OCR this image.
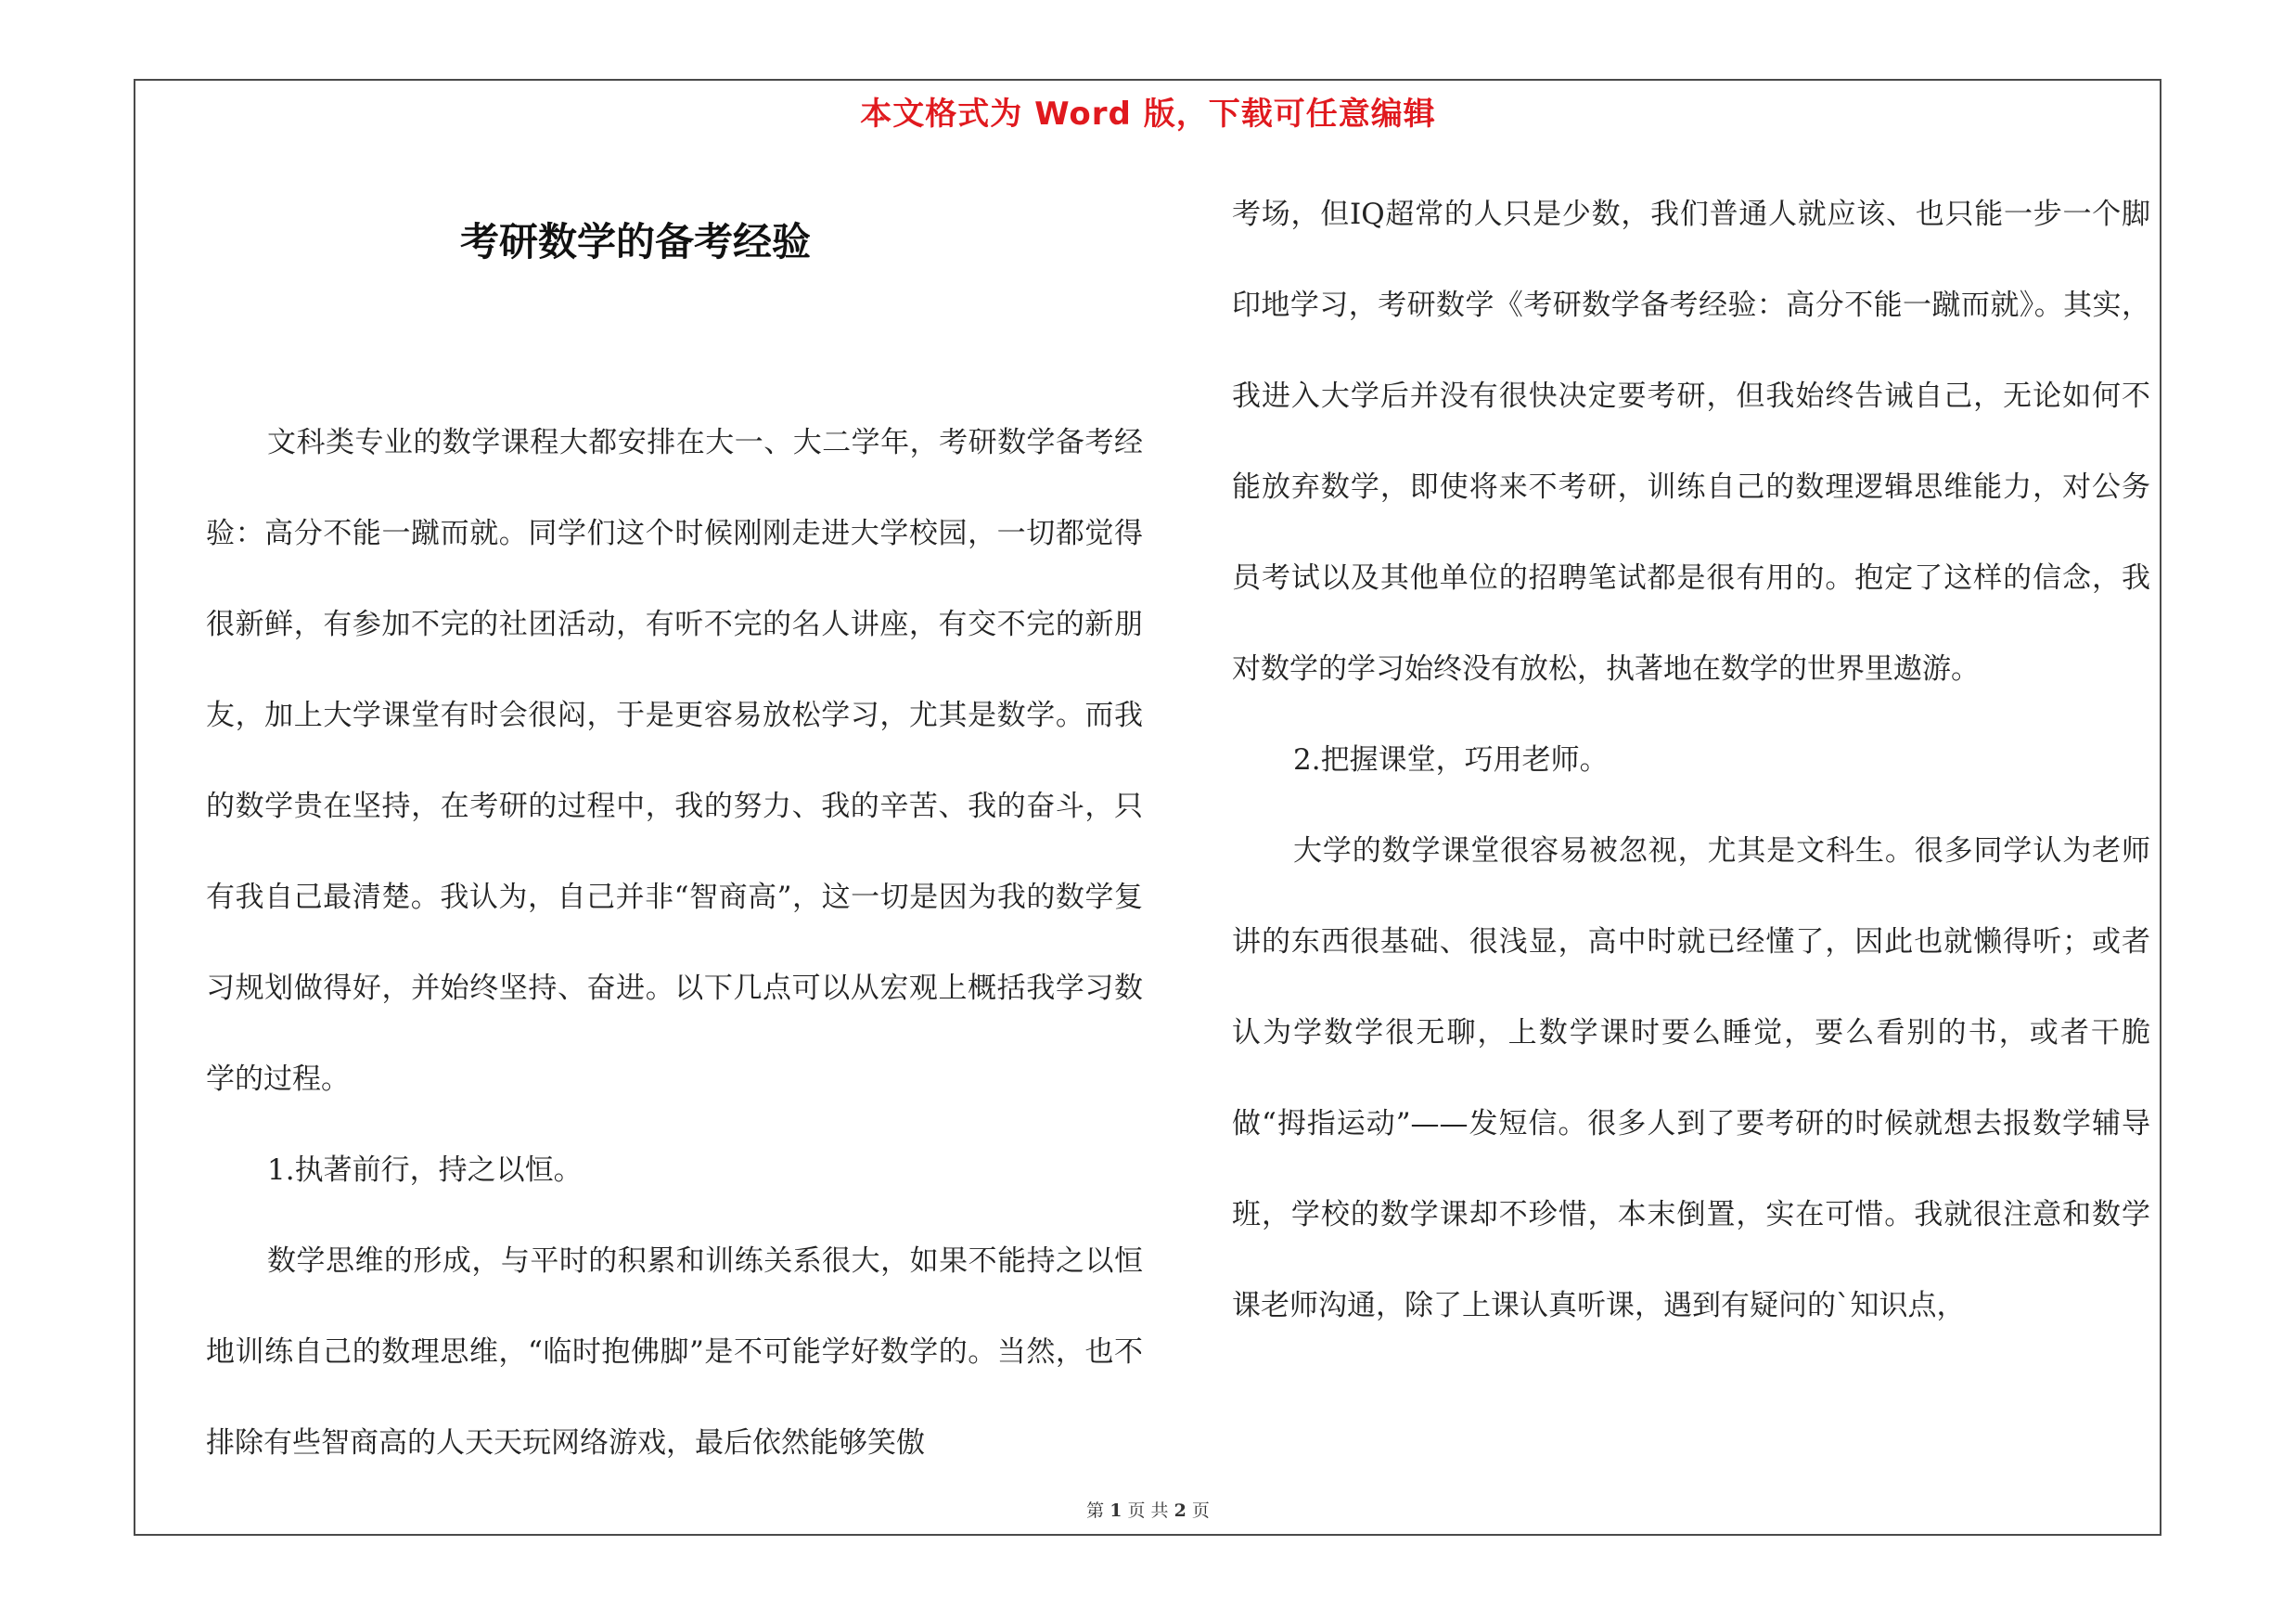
本文格式为 Word 版，下载可任意编辑
考研数学的备考经验

文科类专业的数学课程大都安排在大一、大二学年，考研数学备考经验：高分不能一蹴而就。同学们这个时候刚刚走进大学校园，一切都觉得很新鲜，有参加不完的社团活动，有听不完的名人讲座，有交不完的新朋友，加上大学课堂有时会很闷，于是更容易放松学习，尤其是数学。而我的数学贵在坚持，在考研的过程中，我的努力、我的辛苦、我的奋斗，只有我自己最清楚。我认为，自己并非“智商高”，这一切是因为我的数学复习规划做得好，并始终坚持、奋进。以下几点可以从宏观上概括我学习数学的过程。

1.执著前行，持之以恒。

数学思维的形成，与平时的积累和训练关系很大，如果不能持之以恒地训练自己的数理思维，“临时抱佛脚”是不可能学好数学的。当然，也不排除有些智商高的人天天玩网络游戏，最后依然能够笑傲

考场，但IQ超常的人只是少数，我们普通人就应该、也只能一步一个脚印地学习，考研数学《考研数学备考经验：高分不能一蹴而就》。其实，我进入大学后并没有很快决定要考研，但我始终告诫自己，无论如何不能放弃数学，即使将来不考研，训练自己的数理逻辑思维能力，对公务员考试以及其他单位的招聘笔试都是很有用的。抱定了这样的信念，我对数学的学习始终没有放松，执著地在数学的世界里遨游。

2.把握课堂，巧用老师。

大学的数学课堂很容易被忽视，尤其是文科生。很多同学认为老师讲的东西很基础、很浅显，高中时就已经懂了，因此也就懒得听；或者认为学数学很无聊，上数学课时要么睡觉，要么看别的书，或者干脆做“拇指运动”——发短信。很多人到了要考研的时候就想去报数学辅导班，学校的数学课却不珍惜，本末倒置，实在可惜。我就很注意和数学课老师沟通，除了上课认真听课，遇到有疑问的`知识点，

第 1 页 共 2 页
